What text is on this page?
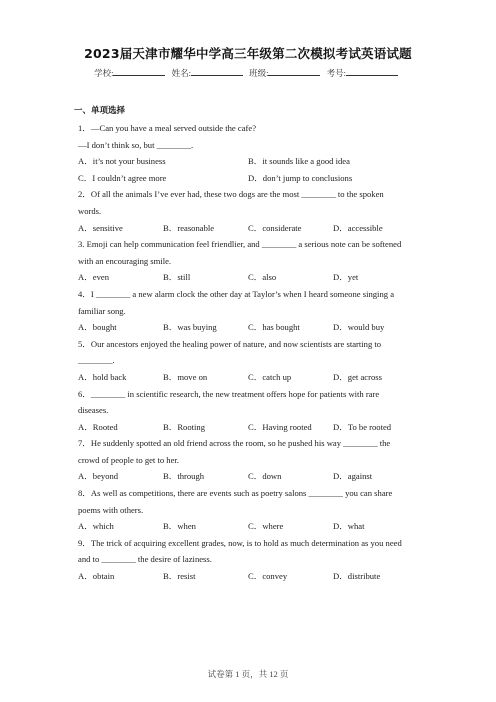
2023届天津市耀华中学高三年级第二次模拟考试英语试题
学校:	姓名:	班级:	考号:
一、单项选择

1．—Can you have a meal served outside the cafe?

—I don’t think so, but ________.

A．it’s not your business	B．it sounds like a good idea
C．I couldn’t agree more	D．don’t jump to conclusions

2．Of all the animals I’ve ever had, these two dogs are the most ________ to the spoken

words.

A．sensitive	B．reasonable	C．considerate	D．accessible

3. Emoji can help communication feel friendlier, and ________ a serious note can be softened

with an encouraging smile.

A．even	B．still	C．also	D．yet

4．I ________ a new alarm clock the other day at Taylor’s when I heard someone singing a

familiar song.

A．bought	B．was buying	C．has bought	D．would buy

5．Our ancestors enjoyed the healing power of nature, and now scientists are starting to

________.

A．hold back	B．move on	C．catch up	D．get across

6．________ in scientific research, the new treatment offers hope for patients with rare

diseases.

A．Rooted	B．Rooting	C．Having rooted	D．To be rooted

7．He suddenly spotted an old friend across the room, so he pushed his way ________ the

crowd of people to get to her.

A．beyond	B．through	C．down	D．against

8．As well as competitions, there are events such as poetry salons ________ you can share

poems with others.

A．which	B．when	C．where	D．what

9．The trick of acquiring excellent grades, now, is to hold as much determination as you need

and to ________ the desire of laziness.

A．obtain	B．resist	C．convey	D．distribute
试卷第 1 页，共 12 页
